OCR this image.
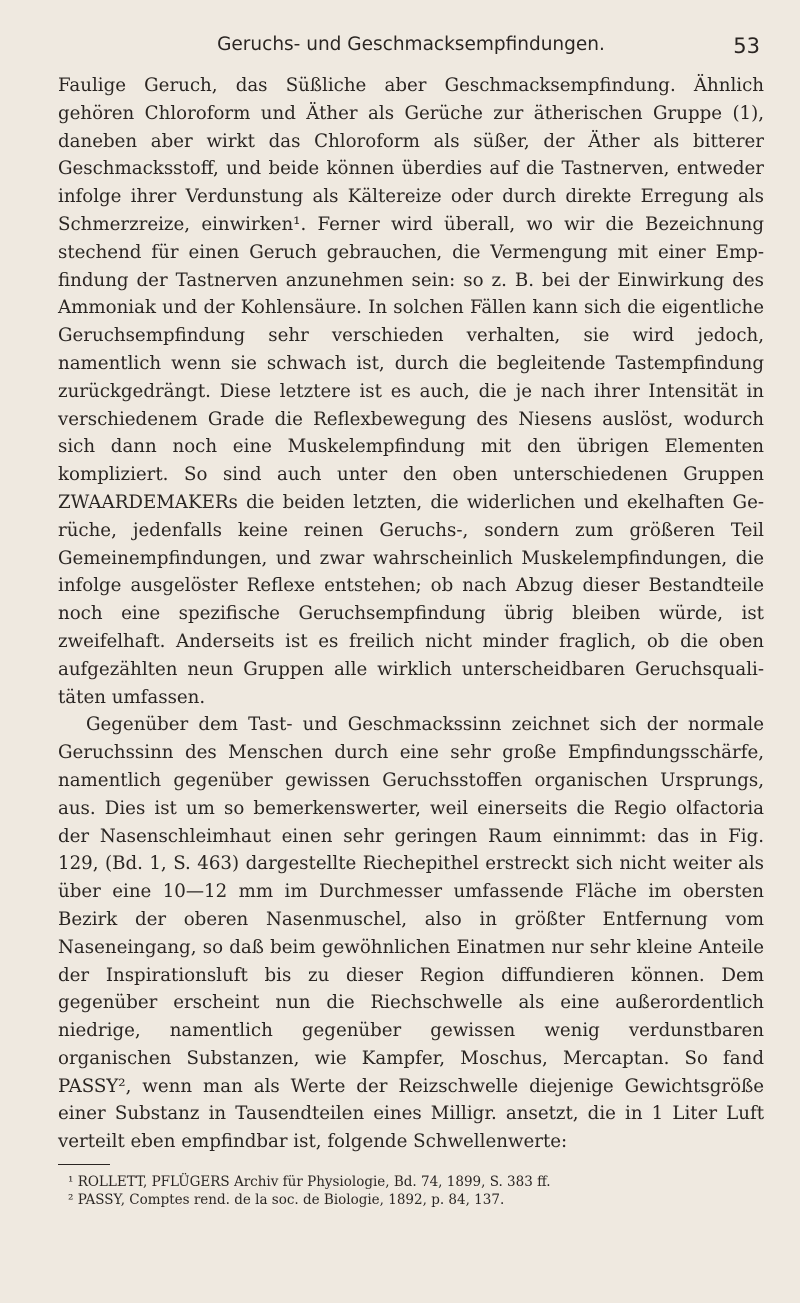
Geruchs- und Geschmacksempfindungen.	53

Fauligе Geruch, das Süßliche aber Geschmacksempfindung. Ähnlich gehören Chloroform und Äther als Gerüche zur ätherischen Gruppe (1), daneben aber wirkt das Chloroform als süßer, der Äther als bitterer Geschmacksstoff, und beide können überdies auf die Tastnerven, entweder infolge ihrer Verdunstung als Kältereize oder durch direkte Erregung als Schmerzreize, einwirken¹. Ferner wird überall, wo wir die Bezeichnung stechend für einen Geruch gebrauchen, die Vermengung mit einer Empfindung der Tastnerven anzunehmen sein: so z. B. bei der Einwirkung des Ammoniak und der Kohlensäure. In solchen Fällen kann sich die eigentliche Geruchsempfindung sehr verschieden verhalten, sie wird jedoch, namentlich wenn sie schwach ist, durch die begleitende Tastempfindung zurückgedrängt. Diese letztere ist es auch, die je nach ihrer Intensität in verschiedenem Grade die Reflexbewegung des Niesens auslöst, wodurch sich dann noch eine Muskelempfindung mit den übrigen Elementen kompliziert. So sind auch unter den oben unterschiedenen Gruppen ZWAARDEMAKERs die beiden letzten, die widerlichen und ekelhaften Gerüche, jedenfalls keine reinen Geruchs-, sondern zum größeren Teil Gemeinempfindungen, und zwar wahrscheinlich Muskelempfindungen, die infolge ausgelöster Reflexe entstehen; ob nach Abzug dieser Bestandteile noch eine spezifische Geruchsempfindung übrig bleiben würde, ist zweifelhaft. Anderseits ist es freilich nicht minder fraglich, ob die oben aufgezählten neun Gruppen alle wirklich unterscheidbaren Geruchsqualitäten umfassen.

Gegenüber dem Tast- und Geschmackssinn zeichnet sich der normale Geruchssinn des Menschen durch eine sehr große Empfindungsschärfe, namentlich gegenüber gewissen Geruchsstoffen organischen Ursprungs, aus. Dies ist um so bemerkenswerter, weil einerseits die Regio olfactoria der Nasenschleimhaut einen sehr geringen Raum einnimmt: das in Fig. 129, (Bd. 1, S. 463) dargestellte Riechepithel erstreckt sich nicht weiter als über eine 10—12 mm im Durchmesser umfassende Fläche im obersten Bezirk der oberen Nasenmuschel, also in größter Entfernung vom Naseneingang, so daß beim gewöhnlichen Einatmen nur sehr kleine Anteile der Inspirationsluft bis zu dieser Region diffundieren können. Dem gegenüber erscheint nun die Riechschwelle als eine außerordentlich niedrige, namentlich gegenüber gewissen wenig verdunstbaren organischen Substanzen, wie Kampfer, Moschus, Mercaptan. So fand PASSY², wenn man als Werte der Reizschwelle diejenige Gewichtsgröße einer Substanz in Tausendteilen eines Milligr. ansetzt, die in 1 Liter Luft verteilt eben empfindbar ist, folgende Schwellenwerte:

¹ ROLLETT, PFLÜGERS Archiv für Physiologie, Bd. 74, 1899, S. 383 ff.

² PASSY, Comptes rend. de la soc. de Biologie, 1892, p. 84, 137.
